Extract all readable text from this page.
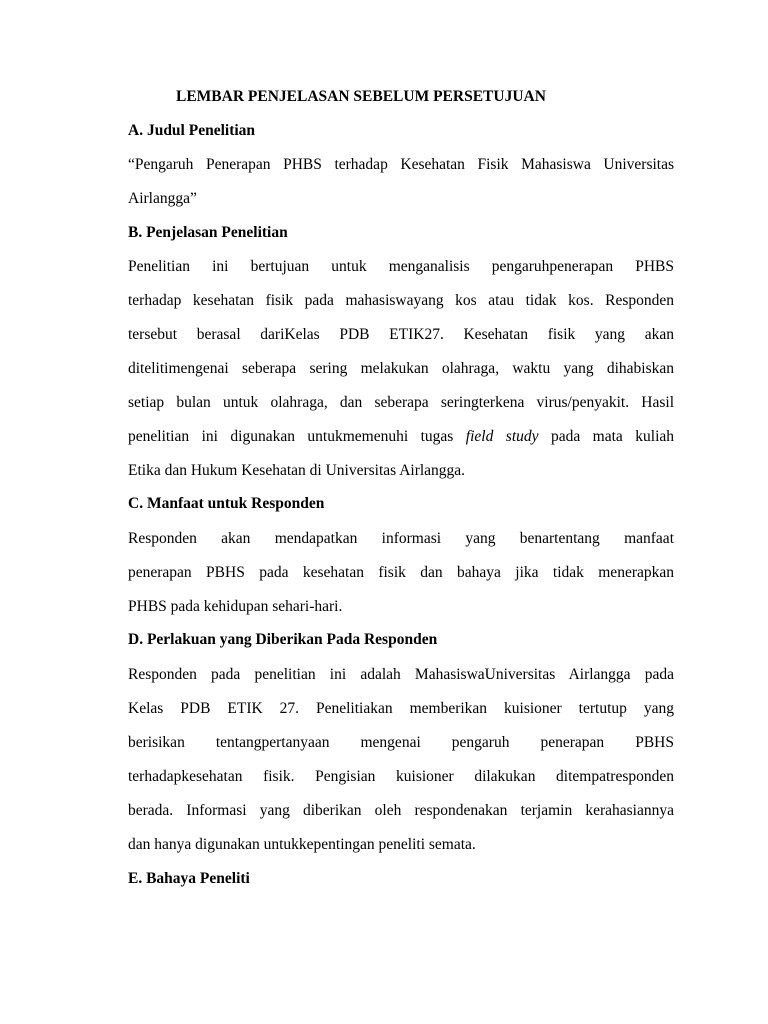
LEMBAR PENJELASAN SEBELUM PERSETUJUAN
A. Judul Penelitian
“Pengaruh Penerapan PHBS terhadap Kesehatan Fisik Mahasiswa Universitas
Airlangga”
B. Penjelasan Penelitian
Penelitian ini bertujuan untuk menganalisis pengaruhpenerapan PHBS
terhadap kesehatan fisik pada mahasiswayang kos atau tidak kos. Responden
tersebut berasal dariKelas PDB ETIK27. Kesehatan fisik yang akan
ditelitimengenai seberapa sering melakukan olahraga, waktu yang dihabiskan
setiap bulan untuk olahraga, dan seberapa seringterkena virus/penyakit. Hasil
penelitian ini digunakan untukmemenuhi tugas field study pada mata kuliah
Etika dan Hukum Kesehatan di Universitas Airlangga.
C. Manfaat untuk Responden
Responden akan mendapatkan informasi yang benartentang manfaat
penerapan PBHS pada kesehatan fisik dan bahaya jika tidak menerapkan
PHBS pada kehidupan sehari-hari.
D. Perlakuan yang Diberikan Pada Responden
Responden pada penelitian ini adalah MahasiswaUniversitas Airlangga pada
Kelas PDB ETIK 27. Penelitiakan memberikan kuisioner tertutup yang
berisikan tentangpertanyaan mengenai pengaruh penerapan PBHS
terhadapkesehatan fisik. Pengisian kuisioner dilakukan ditempatresponden
berada. Informasi yang diberikan oleh respondenakan terjamin kerahasiannya
dan hanya digunakan untukkepentingan peneliti semata.
E. Bahaya Peneliti
